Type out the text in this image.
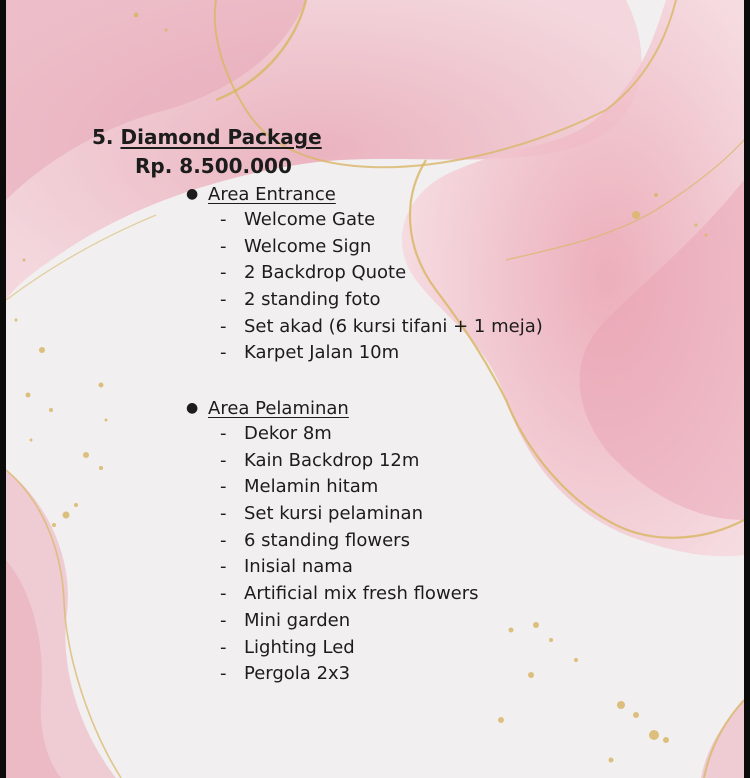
5. Diamond Package
Rp. 8.500.000
● Area Entrance
- Welcome Gate
- Welcome Sign
- 2 Backdrop Quote
- 2 standing foto
- Set akad (6 kursi tifani + 1 meja)
- Karpet Jalan 10m
● Area Pelaminan
- Dekor 8m
- Kain Backdrop 12m
- Melamin hitam
- Set kursi pelaminan
- 6 standing flowers
- Inisial nama
- Artificial mix fresh flowers
- Mini garden
- Lighting Led
- Pergola 2x3
